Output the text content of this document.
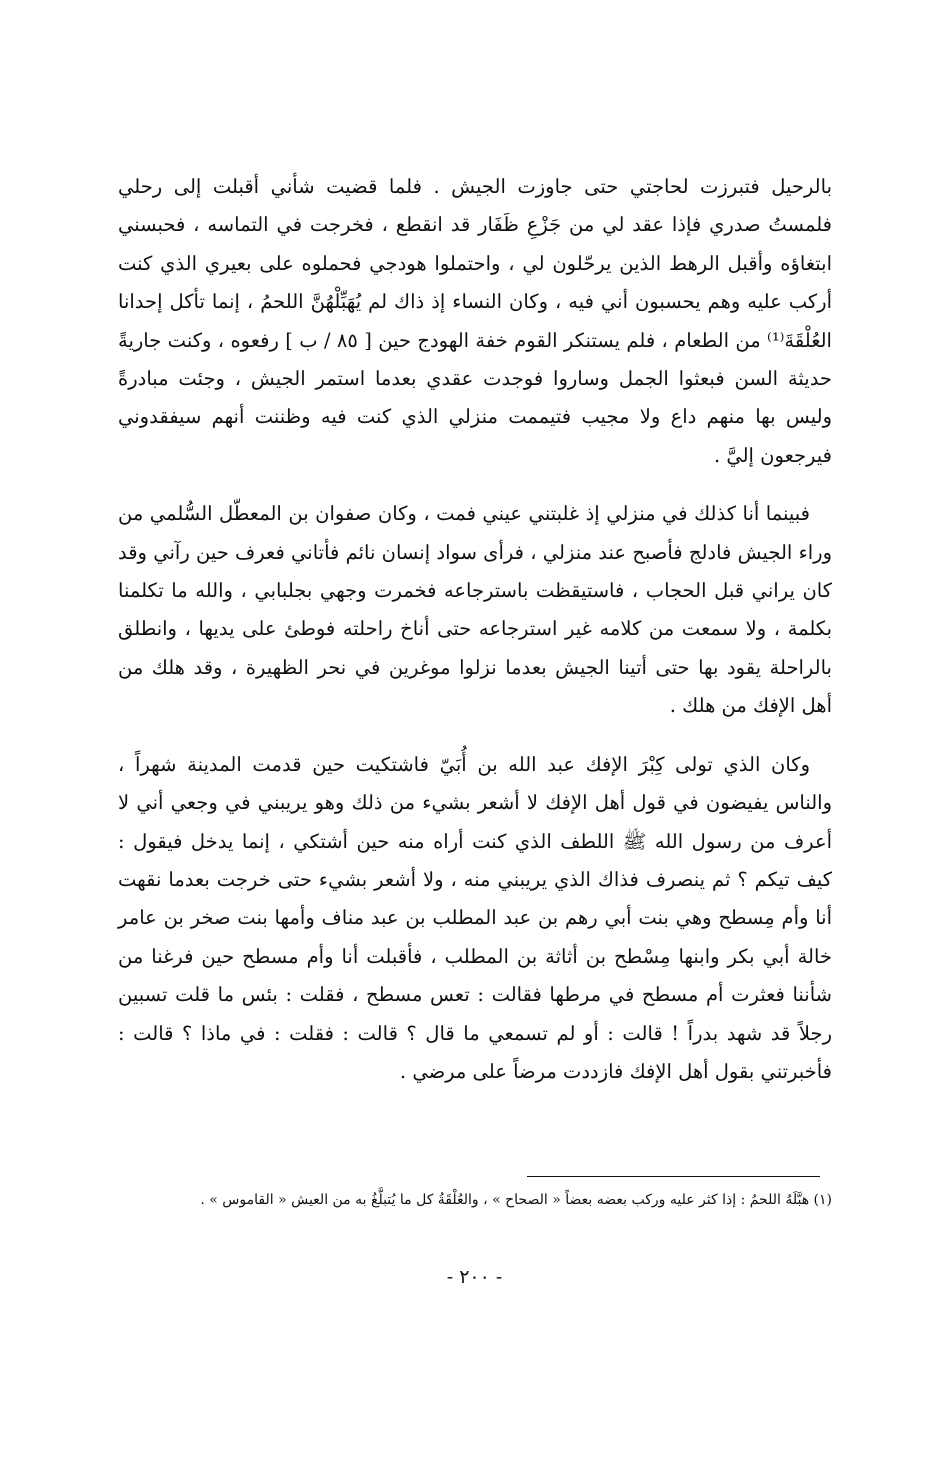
بالرحيل فتبرزت لحاجتي حتى جاوزت الجيش . فلما قضيت شأني أقبلت إلى رحلي فلمستُ صدري فإذا عقد لي من جَزْعِ ظَفَار قد انقطع ، فخرجت في التماسه ، فحبسني ابتغاؤه وأقبل الرهط الذين يرحّلون لي ، واحتملوا هودجي فحملوه على بعيري الذي كنت أركب عليه وهم يحسبون أني فيه ، وكان النساء إذ ذاك لم يُهَبِّلْهُنَّ اللحمُ ، إنما تأكل إحدانا العُلْقَةَ⁽¹⁾ من الطعام ، فلم يستنكر القوم خفة الهودج حين [ ٨٥ / ب ] رفعوه ، وكنت جاريةً حديثة السن فبعثوا الجمل وساروا فوجدت عقدي بعدما استمر الجيش ، وجئت مبادرةً وليس بها منهم داع ولا مجيب فتيممت منزلي الذي كنت فيه وظننت أنهم سيفقدوني فيرجعون إليَّ .

فبينما أنا كذلك في منزلي إذ غلبتني عيني فمت ، وكان صفوان بن المعطّل السُّلمي من وراء الجيش فادلج فأصبح عند منزلي ، فرأى سواد إنسان نائم فأتاني فعرف حين رآني وقد كان يراني قبل الحجاب ، فاستيقظت باسترجاعه فخمرت وجهي بجلبابي ، والله ما تكلمنا بكلمة ، ولا سمعت من كلامه غير استرجاعه حتى أناخ راحلته فوطئ على يديها ، وانطلق بالراحلة يقود بها حتى أتينا الجيش بعدما نزلوا موغرين في نحر الظهيرة ، وقد هلك من أهل الإفك من هلك .

وكان الذي تولى كِبْرَ الإفك عبد الله بن أُبَيّ فاشتكيت حين قدمت المدينة شهراً ، والناس يفيضون في قول أهل الإفك لا أشعر بشيء من ذلك وهو يريبني في وجعي أني لا أعرف من رسول الله ﷺ اللطف الذي كنت أراه منه حين أشتكي ، إنما يدخل فيقول : كيف تيكم ؟ ثم ينصرف فذاك الذي يريبني منه ، ولا أشعر بشيء حتى خرجت بعدما نقهت أنا وأم مِسطح وهي بنت أبي رهم بن عبد المطلب بن عبد مناف وأمها بنت صخر بن عامر خالة أبي بكر وابنها مِسْطح بن أثاثة بن المطلب ، فأقبلت أنا وأم مسطح حين فرغنا من شأننا فعثرت أم مسطح في مرطها فقالت : تعس مسطح ، فقلت : بئس ما قلت تسبين رجلاً قد شهد بدراً ! قالت : أو لم تسمعي ما قال ؟ قالت : فقلت : في ماذا ؟ قالت : فأخبرتني بقول أهل الإفك فازددت مرضاً على مرضي .

(١) هبَّلَهُ اللحمُ : إذا كثر عليه وركب بعضه بعضاً « الصحاح » ، والعُلْقَةُ كل ما يُتبلَّغُ به من العيش « القاموس » .
- ٢٠٠ -
